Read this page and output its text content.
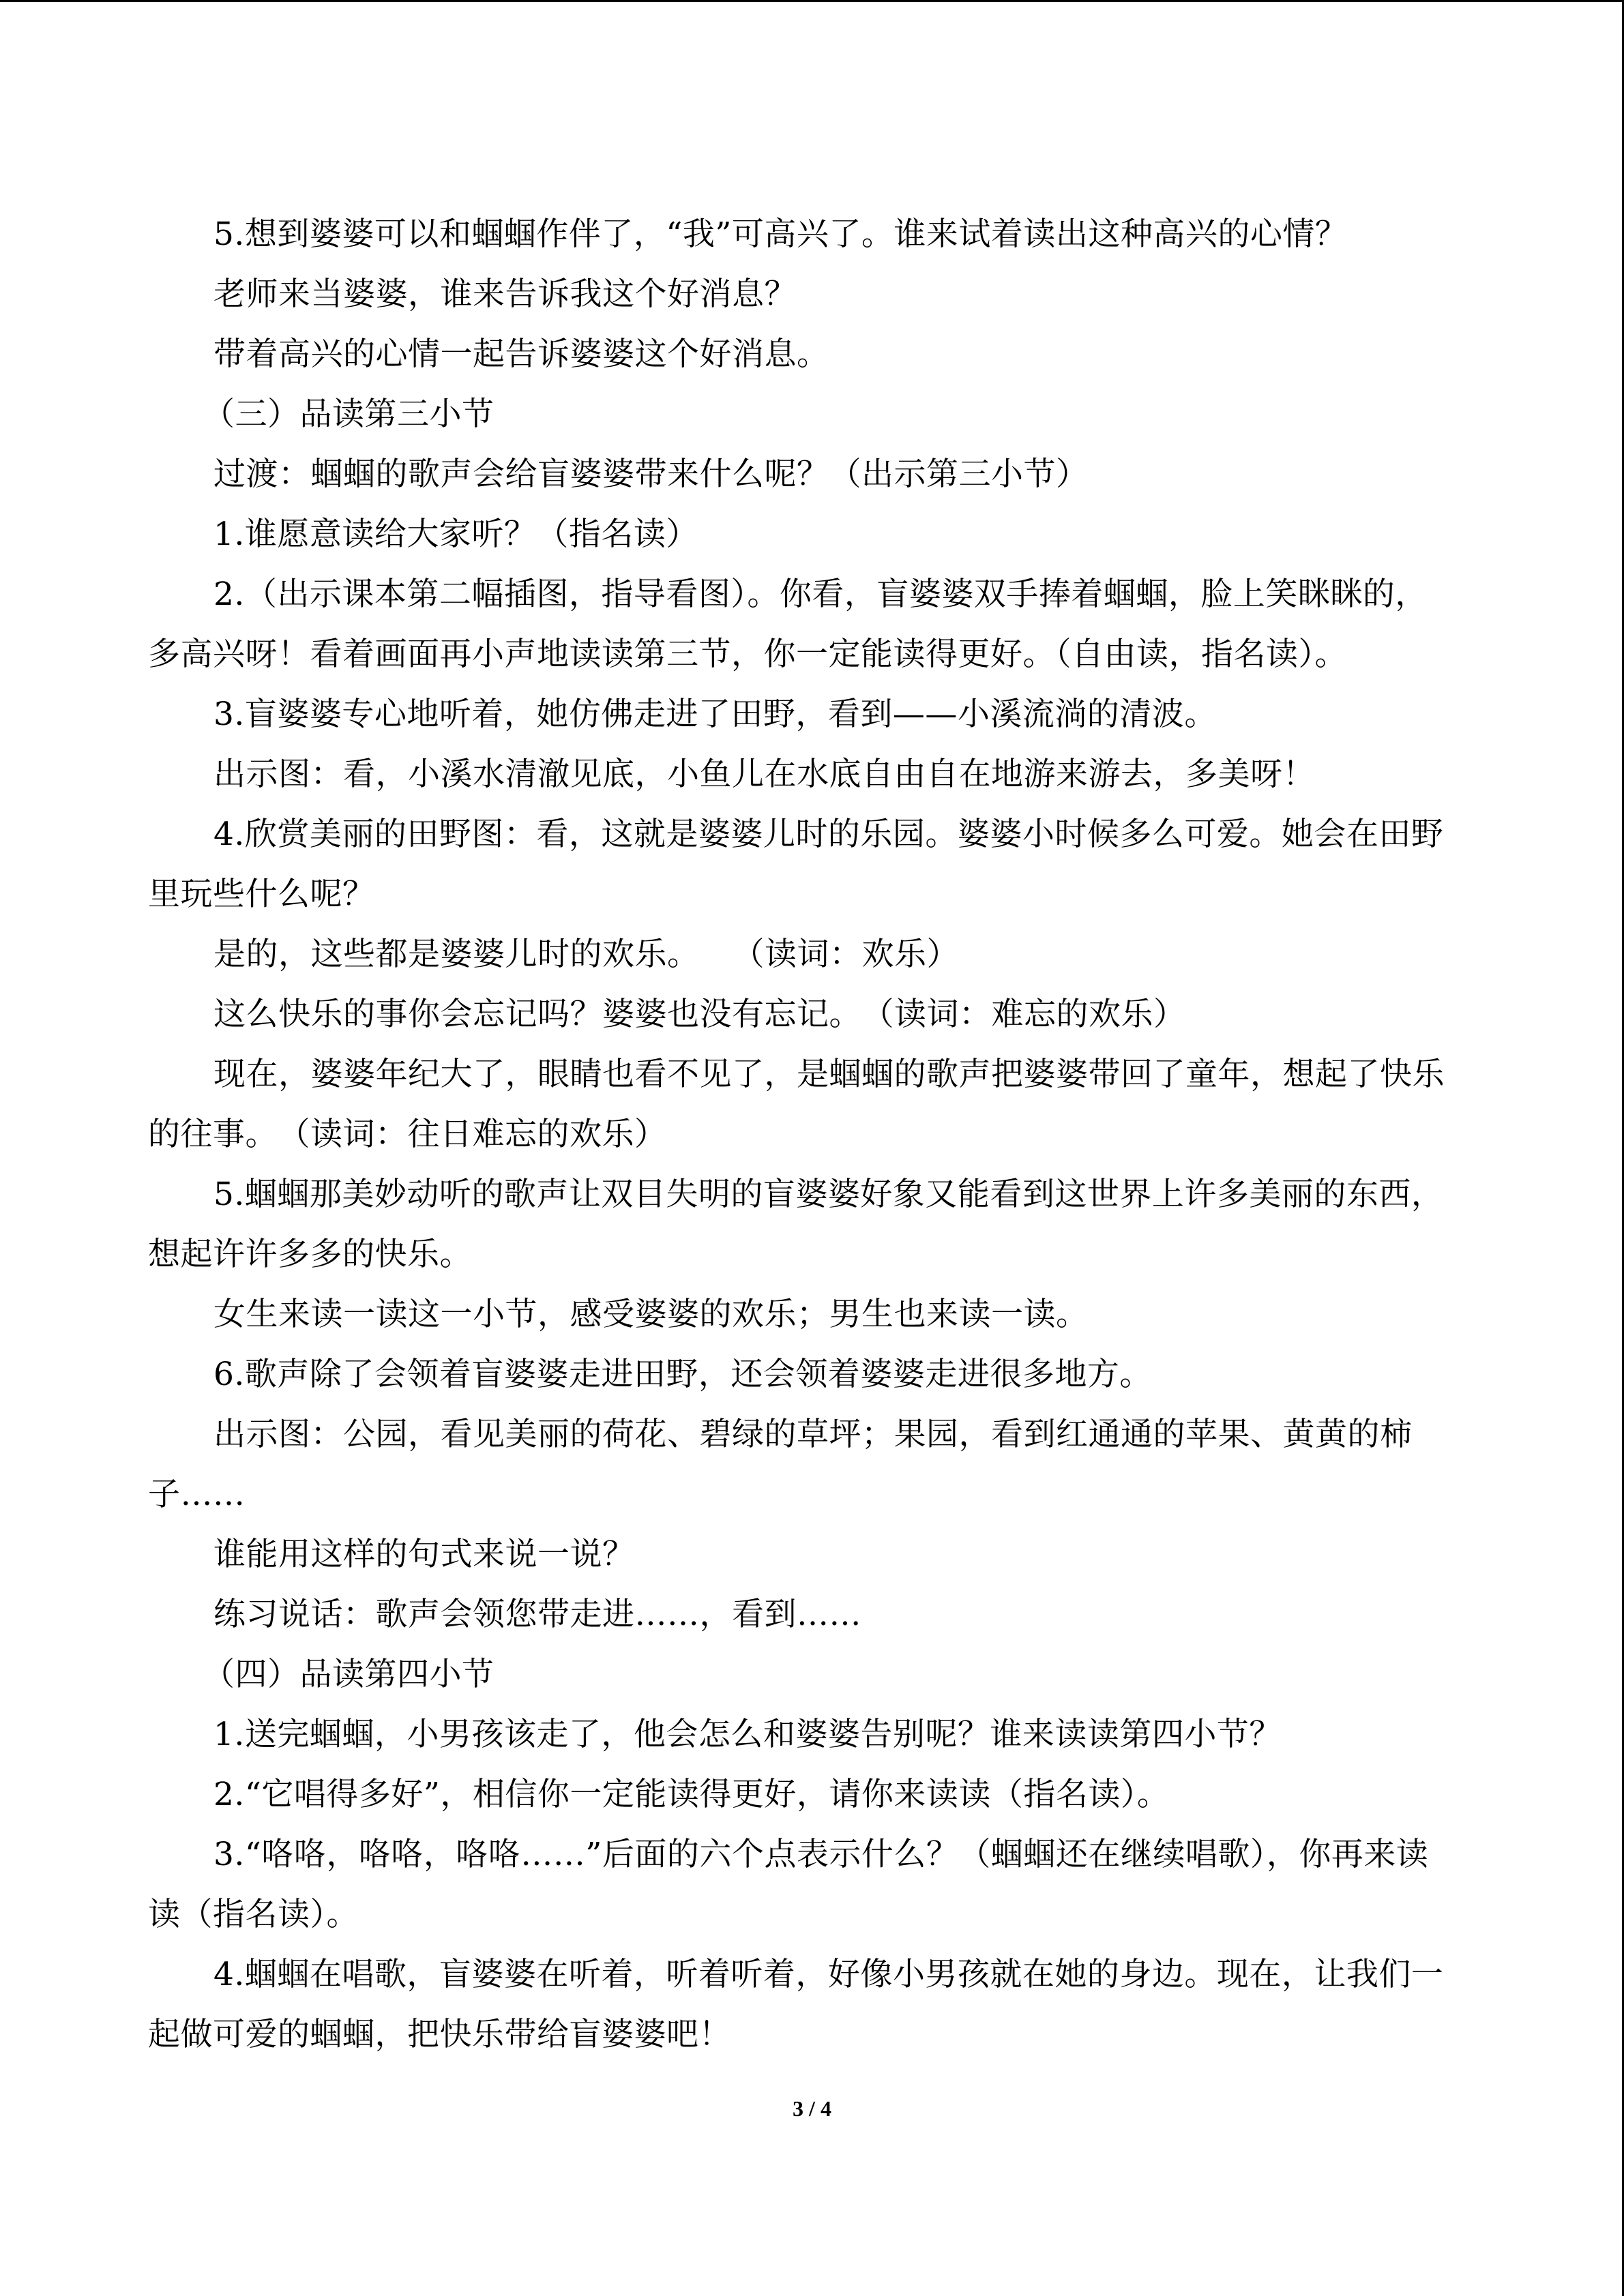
5.想到婆婆可以和蝈蝈作伴了，“我”可高兴了。谁来试着读出这种高兴的心情？

老师来当婆婆，谁来告诉我这个好消息？

带着高兴的心情一起告诉婆婆这个好消息。

（三）品读第三小节

过渡：蝈蝈的歌声会给盲婆婆带来什么呢？（出示第三小节）

1.谁愿意读给大家听？（指名读）

2.（出示课本第二幅插图，指导看图）。你看，盲婆婆双手捧着蝈蝈，脸上笑眯眯的，多高兴呀！看着画面再小声地读读第三节，你一定能读得更好。（自由读，指名读）。

3.盲婆婆专心地听着，她仿佛走进了田野，看到——小溪流淌的清波。

出示图：看，小溪水清澈见底，小鱼儿在水底自由自在地游来游去，多美呀！

4.欣赏美丽的田野图：看，这就是婆婆儿时的乐园。婆婆小时候多么可爱。她会在田野里玩些什么呢？

是的，这些都是婆婆儿时的欢乐。　　（读词：欢乐）

这么快乐的事你会忘记吗？婆婆也没有忘记。　（读词：难忘的欢乐）

现在，婆婆年纪大了，眼睛也看不见了，是蝈蝈的歌声把婆婆带回了童年，想起了快乐的往事。　（读词：往日难忘的欢乐）

5.蝈蝈那美妙动听的歌声让双目失明的盲婆婆好象又能看到这世界上许多美丽的东西，想起许许多多的快乐。

女生来读一读这一小节，感受婆婆的欢乐；男生也来读一读。

6.歌声除了会领着盲婆婆走进田野，还会领着婆婆走进很多地方。

出示图：公园，看见美丽的荷花、碧绿的草坪；果园，看到红通通的苹果、黄黄的柿子……

谁能用这样的句式来说一说？

练习说话：歌声会领您带走进……，看到……

（四）品读第四小节

1.送完蝈蝈，小男孩该走了，他会怎么和婆婆告别呢？谁来读读第四小节？

2.“它唱得多好”，相信你一定能读得更好，请你来读读（指名读）。

3.“咯咯，咯咯，咯咯……”后面的六个点表示什么？（蝈蝈还在继续唱歌），你再来读读（指名读）。

4.蝈蝈在唱歌，盲婆婆在听着，听着听着，好像小男孩就在她的身边。现在，让我们一起做可爱的蝈蝈，把快乐带给盲婆婆吧！

3 / 4
